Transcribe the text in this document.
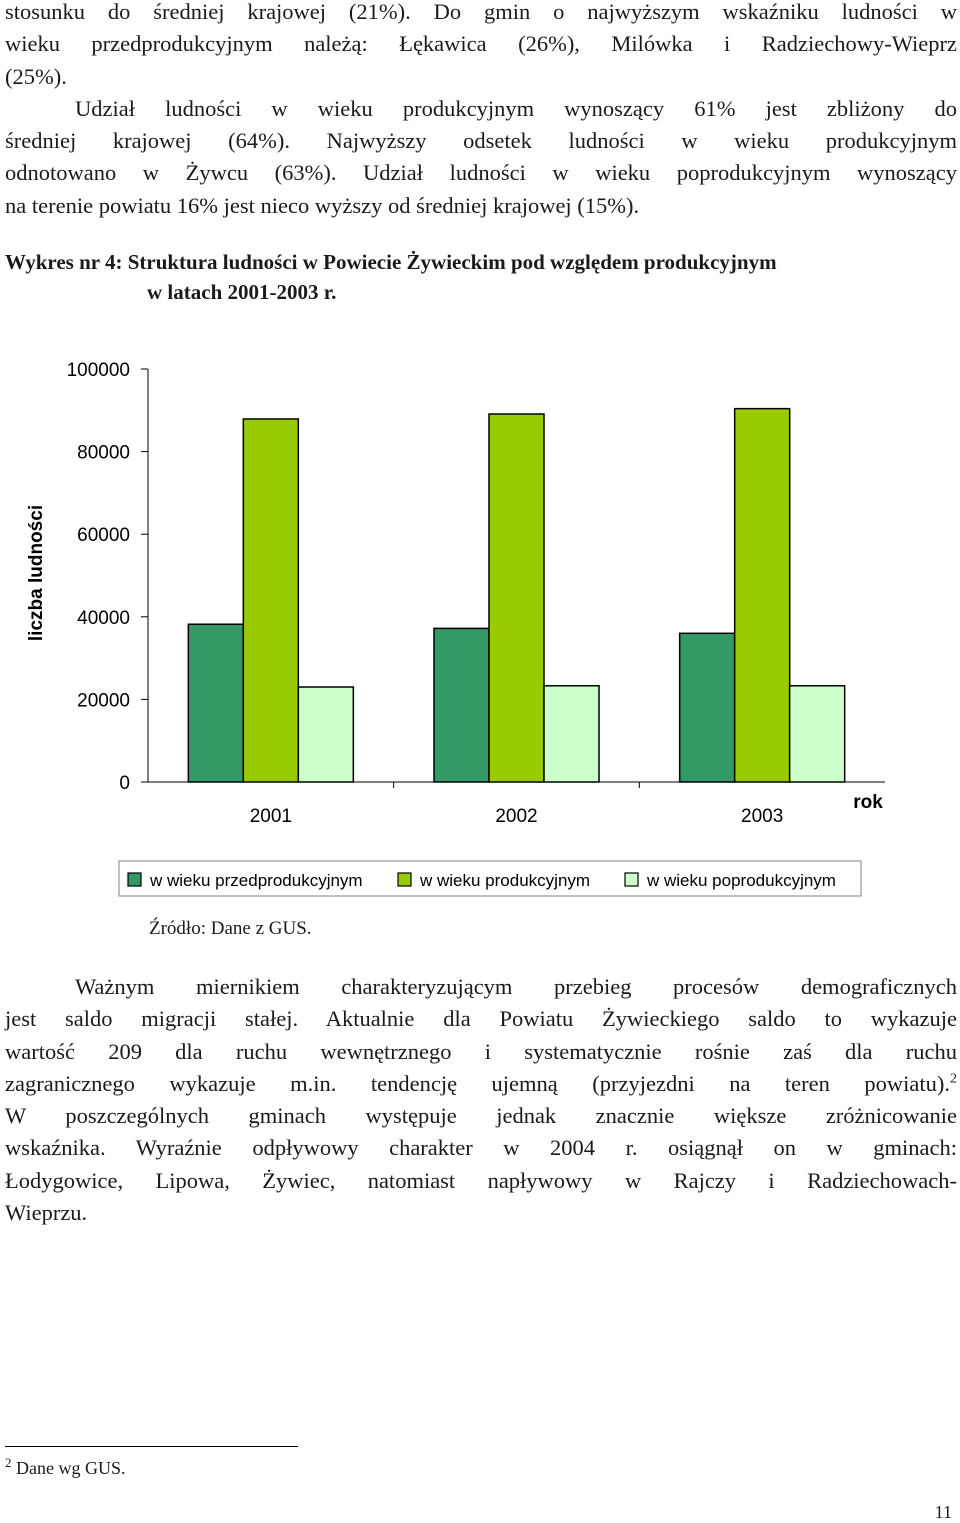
stosunku do średniej krajowej (21%). Do gmin o najwyższym wskaźniku ludności w
wieku przedprodukcyjnym należą: Łękawica (26%), Milówka i Radziechowy-Wieprz
(25%).

Udział ludności w wieku produkcyjnym wynoszący 61% jest zbliżony do
średniej krajowej (64%). Najwyższy odsetek ludności w wieku produkcyjnym
odnotowano w Żywcu (63%). Udział ludności w wieku poprodukcyjnym wynoszący
na terenie powiatu 16% jest nieco wyższy od średniej krajowej (15%).

Wykres nr 4: Struktura ludności w Powiecie Żywieckim pod względem produkcyjnym
w latach 2001-2003 r.
0
20000
40000
60000
80000
100000
2001	2002	2003
liczba ludności
rok
w wieku przedprodukcyjnym	w wieku produkcyjnym	w wieku poprodukcyjnym
Źródło: Dane z GUS.

Ważnym miernikiem charakteryzującym przebieg procesów demograficznych
jest saldo migracji stałej. Aktualnie dla Powiatu Żywieckiego saldo to wykazuje
wartość 209 dla ruchu wewnętrznego i systematycznie rośnie zaś dla ruchu
zagranicznego wykazuje m.in. tendencję ujemną (przyjezdni na teren powiatu).$^2$
W poszczególnych gminach występuje jednak znacznie większe zróżnicowanie
wskaźnika. Wyraźnie odpływowy charakter w 2004 r. osiągnął on w gminach:
Łodygowice, Lipowa, Żywiec, natomiast napływowy w Rajczy i Radziechowach-
Wieprzu.

$^2$ Dane wg GUS.
11
